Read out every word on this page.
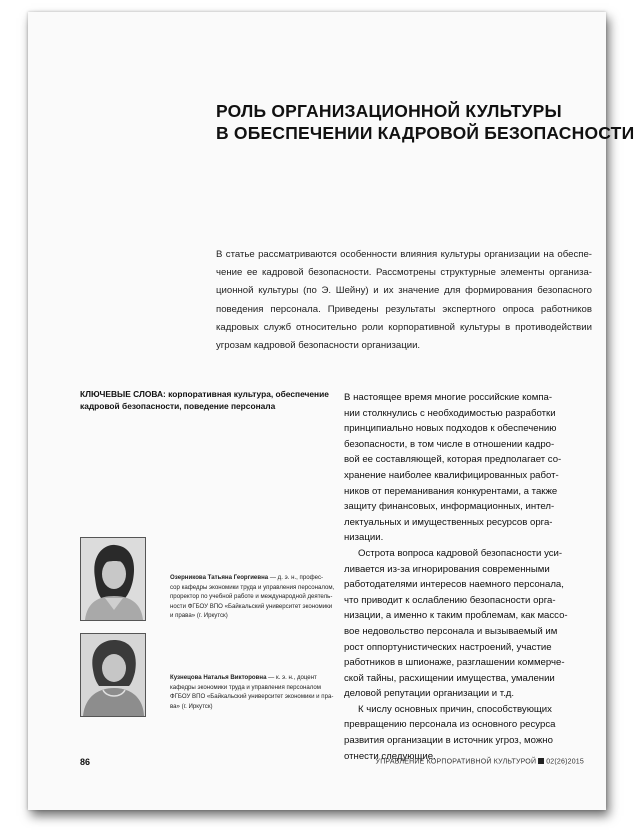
РОЛЬ ОРГАНИЗАЦИОННОЙ КУЛЬТУРЫ
В ОБЕСПЕЧЕНИИ КАДРОВОЙ БЕЗОПАСНОСТИ
В статье рассматриваются особенности влияния культуры организации на обеспе-
чение ее кадровой безопасности. Рассмотрены структурные элементы организа-
ционной культуры (по Э. Шейну) и их значение для формирования безопасного
поведения персонала. Приведены результаты экспертного опроса работников
кадровых служб относительно роли корпоративной культуры в противодействии
угрозам кадровой безопасности организации.
КЛЮЧЕВЫЕ СЛОВА: корпоративная культура, обеспечение
кадровой безопасности, поведение персонала
В настоящее время многие российские компа-
нии столкнулись с необходимостью разработки
принципиально новых подходов к обеспечению
безопасности, в том числе в отношении кадро-
вой ее составляющей, которая предполагает со-
хранение наиболее квалифицированных работ-
ников от переманивания конкурентами, а также
защиту финансовых, информационных, интел-
лектуальных и имущественных ресурсов орга-
низации.
Острота вопроса кадровой безопасности уси-
ливается из-за игнорирования современными
работодателями интересов наемного персонала,
что приводит к ослаблению безопасности орга-
низации, а именно к таким проблемам, как массо-
вое недовольство персонала и вызываемый им
рост оппортунистических настроений, участие
работников в шпионаже, разглашении коммерче-
ской тайны, расхищении имущества, умалении
деловой репутации организации и т.д.
К числу основных причин, способствующих
превращению персонала из основного ресурса
развития организации в источник угроз, можно
отнести следующие.
Озерникова Татьяна Георгиевна — д. э. н., профес-
сор кафедры экономики труда и управления персоналом,
проректор по учебной работе и международной деятель-
ности ФГБОУ ВПО «Байкальский университет экономики
и права» (г. Иркутск)
Кузнецова Наталья Викторовна — к. э. н., доцент
кафедры экономики труда и управления персоналом
ФГБОУ ВПО «Байкальский университет экономики и пра-
ва» (г. Иркутск)
86	УПРАВЛЕНИЕ КОРПОРАТИВНОЙ КУЛЬТУРОЙ 02(26)2015
